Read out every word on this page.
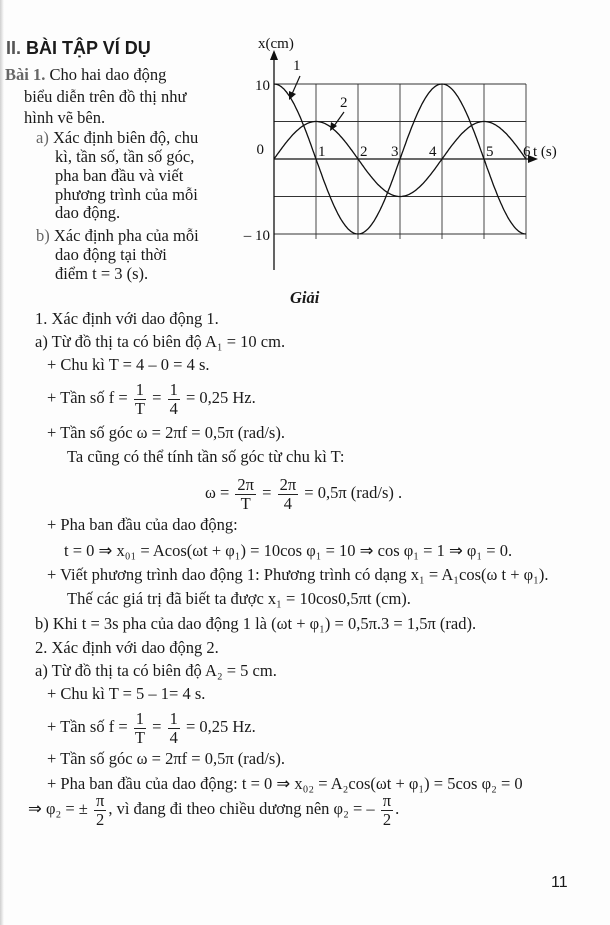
II. BÀI TẬP VÍ DỤ
Bài 1. Cho hai dao động
biểu diễn trên đồ thị như
hình vẽ bên.
a) Xác định biên độ, chu
kì, tần số, tần số góc,
pha ban đầu và viết
phương trình của mỗi
dao động.
b) Xác định pha của mỗi
dao động tại thời
điểm t = 3 (s).
x(cm)
10
0
– 10
1 2 3 4	5 6 t (s)
1
2
Giải
1. Xác định với dao động 1.
a) Từ đồ thị ta có biên độ A₁ = 10 cm.
+ Chu kì T = 4 – 0 = 4 s.
+ Tần số $f = \frac{1}{T} = \frac{1}{4} = 0,25$ Hz.
+ Tần số góc ω = 2πf = 0,5π (rad/s).
Ta cũng có thể tính tần số góc từ chu kì T:
$\omega = \frac{2\pi}{T} = \frac{2\pi}{4} = 0,5\pi$ (rad/s) .
+ Pha ban đầu của dao động:
t = 0 ⇒ x₀₁ = Acos(ωt + φ₁) = 10cos φ₁ = 10 ⇒ cos φ₁ = 1 ⇒ φ₁ = 0.
+ Viết phương trình dao động 1: Phương trình có dạng x₁ = A₁cos(ω t + φ₁).
Thế các giá trị đã biết ta được x₁ = 10cos0,5πt (cm).
b) Khi t = 3s pha của dao động 1 là (ωt + φ₁) = 0,5π.3 = 1,5π (rad).
2. Xác định với dao động 2.
a) Từ đồ thị ta có biên độ A₂ = 5 cm.
+ Chu kì T = 5 – 1= 4 s.
+ Tần số $f = \frac{1}{T} = \frac{1}{4} = 0,25$ Hz.
+ Tần số góc ω = 2πf = 0,5π (rad/s).
+ Pha ban đầu của dao động: t = 0 ⇒ x₀₂ = A₂cos(ωt + φ₁) = 5cos φ₂ = 0
⇒ φ₂ = ± $\frac{\pi}{2}$ , vì đang đi theo chiều dương nên φ₂ = – $\frac{\pi}{2}$ .
11
